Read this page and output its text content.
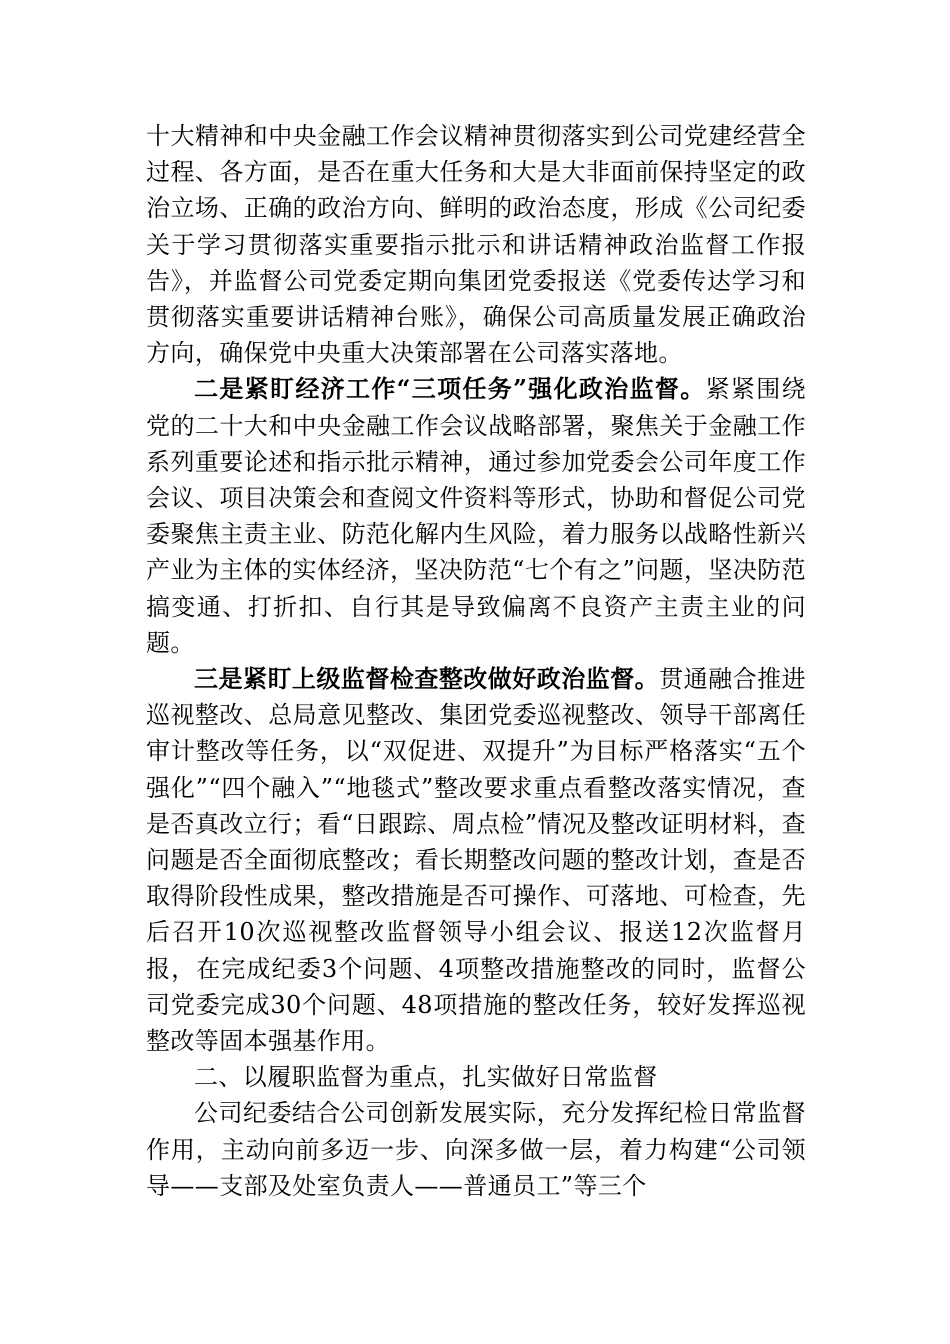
十大精神和中央金融工作会议精神贯彻落实到公司党建经营全过程、各方面，是否在重大任务和大是大非面前保持坚定的政治立场、正确的政治方向、鲜明的政治态度，形成《公司纪委关于学习贯彻落实重要指示批示和讲话精神政治监督工作报告》，并监督公司党委定期向集团党委报送《党委传达学习和贯彻落实重要讲话精神台账》，确保公司高质量发展正确政治方向，确保党中央重大决策部署在公司落实落地。

二是紧盯经济工作“三项任务”强化政治监督。紧紧围绕党的二十大和中央金融工作会议战略部署，聚焦关于金融工作系列重要论述和指示批示精神，通过参加党委会公司年度工作会议、项目决策会和查阅文件资料等形式，协助和督促公司党委聚焦主责主业、防范化解内生风险，着力服务以战略性新兴产业为主体的实体经济，坚决防范“七个有之”问题，坚决防范搞变通、打折扣、自行其是导致偏离不良资产主责主业的问题。

三是紧盯上级监督检查整改做好政治监督。贯通融合推进巡视整改、总局意见整改、集团党委巡视整改、领导干部离任审计整改等任务，以“双促进、双提升”为目标严格落实“五个强化”“四个融入”“地毯式”整改要求重点看整改落实情况，查是否真改立行；看“日跟踪、周点检”情况及整改证明材料，查问题是否全面彻底整改；看长期整改问题的整改计划，查是否取得阶段性成果，整改措施是否可操作、可落地、可检查，先后召开10次巡视整改监督领导小组会议、报送12次监督月报，在完成纪委3个问题、4项整改措施整改的同时，监督公司党委完成30个问题、48项措施的整改任务，较好发挥巡视整改等固本强基作用。

二、以履职监督为重点，扎实做好日常监督

公司纪委结合公司创新发展实际，充分发挥纪检日常监督作用，主动向前多迈一步、向深多做一层，着力构建“公司领导——支部及处室负责人——普通员工”等三个
